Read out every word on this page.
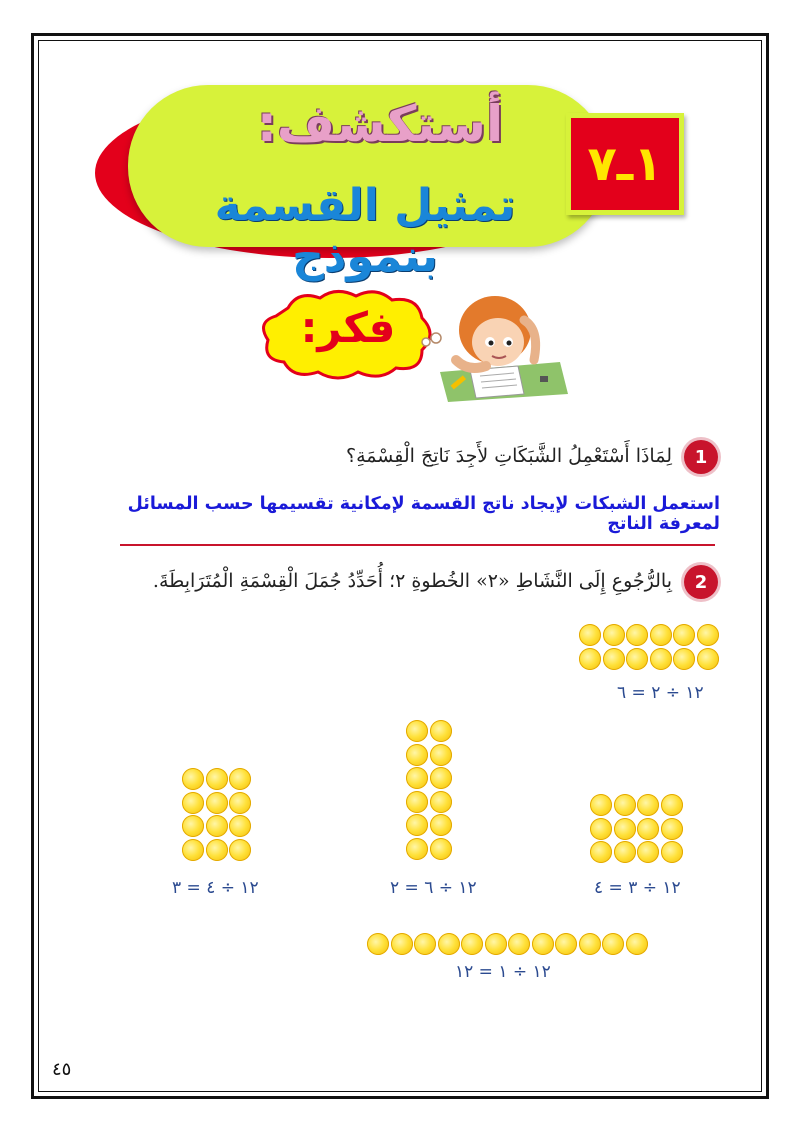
أستكشف:
تمثيل القسمة بنموذج
١ـ٧
فكر:
1
لِمَاذَا أَسْتَعْمِلُ الشَّبَكَاتِ لأَجِدَ نَاتِجَ الْقِسْمَةِ؟
استعمل الشبكات لإيجاد ناتج القسمة لإمكانية تقسيمها حسب المسائل لمعرفة الناتج
2
بِالرُّجُوعِ إِلَى النَّشَاطِ «٢» الخُطوةِ ٢؛ أُحَدِّدُ جُمَلَ الْقِسْمَةِ الْمُتَرَابِطَةَ.
١٢ ÷ ٢ = ٦
١٢ ÷ ٤ = ٣	١٢ ÷ ٦ = ٢	١٢ ÷ ٣ = ٤
١٢ ÷ ١ = ١٢
٤٥
